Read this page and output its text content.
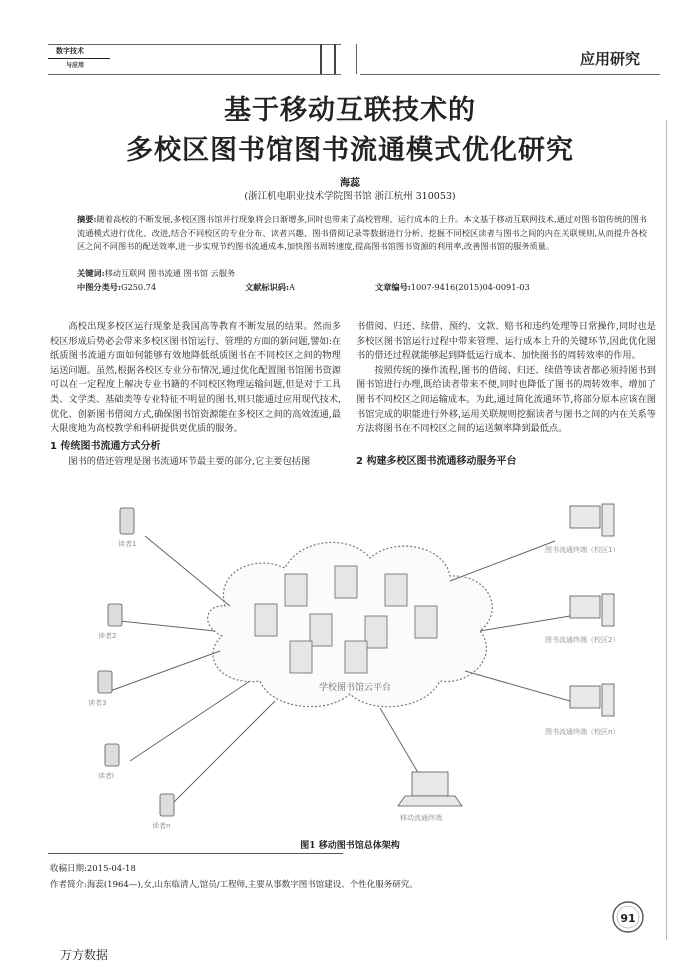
数字技术
与应用	应用研究
基于移动互联技术的
多校区图书馆图书流通模式优化研究
海蕊
(浙江机电职业技术学院图书馆 浙江杭州 310053)
摘要:随着高校的不断发展,多校区图书馆并行现象将会日渐增多,同时也带来了高校管理、运行成本的上升。本文基于移动互联网技术,通过对图书馆传统的图书流通模式进行优化、改进,结合不同校区的专业分布、读者兴趣、图书借阅记录等数据进行分析、挖掘不同校区读者与图书之间的内在关联规则,从而提升各校区之间不同图书的配送效率,进一步实现节约图书流通成本,加快图书周转速度,提高图书馆图书资源的利用率,改善图书馆的服务质量。
关键词:移动互联网 图书流通 图书馆 云服务
中图分类号:G250.74	文献标识码:A	文章编号:1007-9416(2015)04-0091-03

高校出现多校区运行现象是我国高等教育不断发展的结果。然而多校区形成后势必会带来多校区图书馆运行、管理的方面的新问题,譬如:在纸质图书流通方面如何能够有效地降低纸质图书在不同校区之间的物理运送问题。虽然,根据各校区专业分布情况,通过优化配置图书馆图书资源可以在一定程度上解决专业书籍的不同校区物理运输问题,但是对于工具类、文学类、基础类等专业特征不明显的图书,则只能通过应用现代技术,优化、创新图书借阅方式,确保图书馆资源能在多校区之间的高效流通,最大限度地为高校教学和科研提供更优质的服务。

1 传统图书流通方式分析

图书的借还管理是图书流通环节最主要的部分,它主要包括图

书借阅、归还、续借、预约、文款、赔书和违约处理等日常操作,同时也是多校区图书馆运行过程中带来管理、运行成本上升的关键环节,因此优化图书的借还过程就能够起到降低运行成本、加快图书的周转效率的作用。

按照传统的操作流程,图书的借阅、归还、续借等读者都必须持图书到图书馆进行办理,既给读者带来不便,同时也降低了图书的周转效率、增加了图书不同校区之间运输成本。为此,通过简化流通环节,将部分原本应该在图书馆完成的职能进行外移,运用关联规则挖掘读者与图书之间的内在关系等方法将图书在不同校区之间的运送频率降到最低点。

2 构建多校区图书流通移动服务平台
学校图书馆云平台
读者1
读者2
读者3
读者i
读者n
图书流通终端（校区1）
图书流通终端（校区2）
图书流通终端（校区n）
移动流通终端
图1 移动图书馆总体架构
收稿日期:2015-04-18
作者简介:海蕊(1964—),女,山东临清人,馆员/工程师,主要从事数字图书馆建设、个性化服务研究。
91
万方数据
